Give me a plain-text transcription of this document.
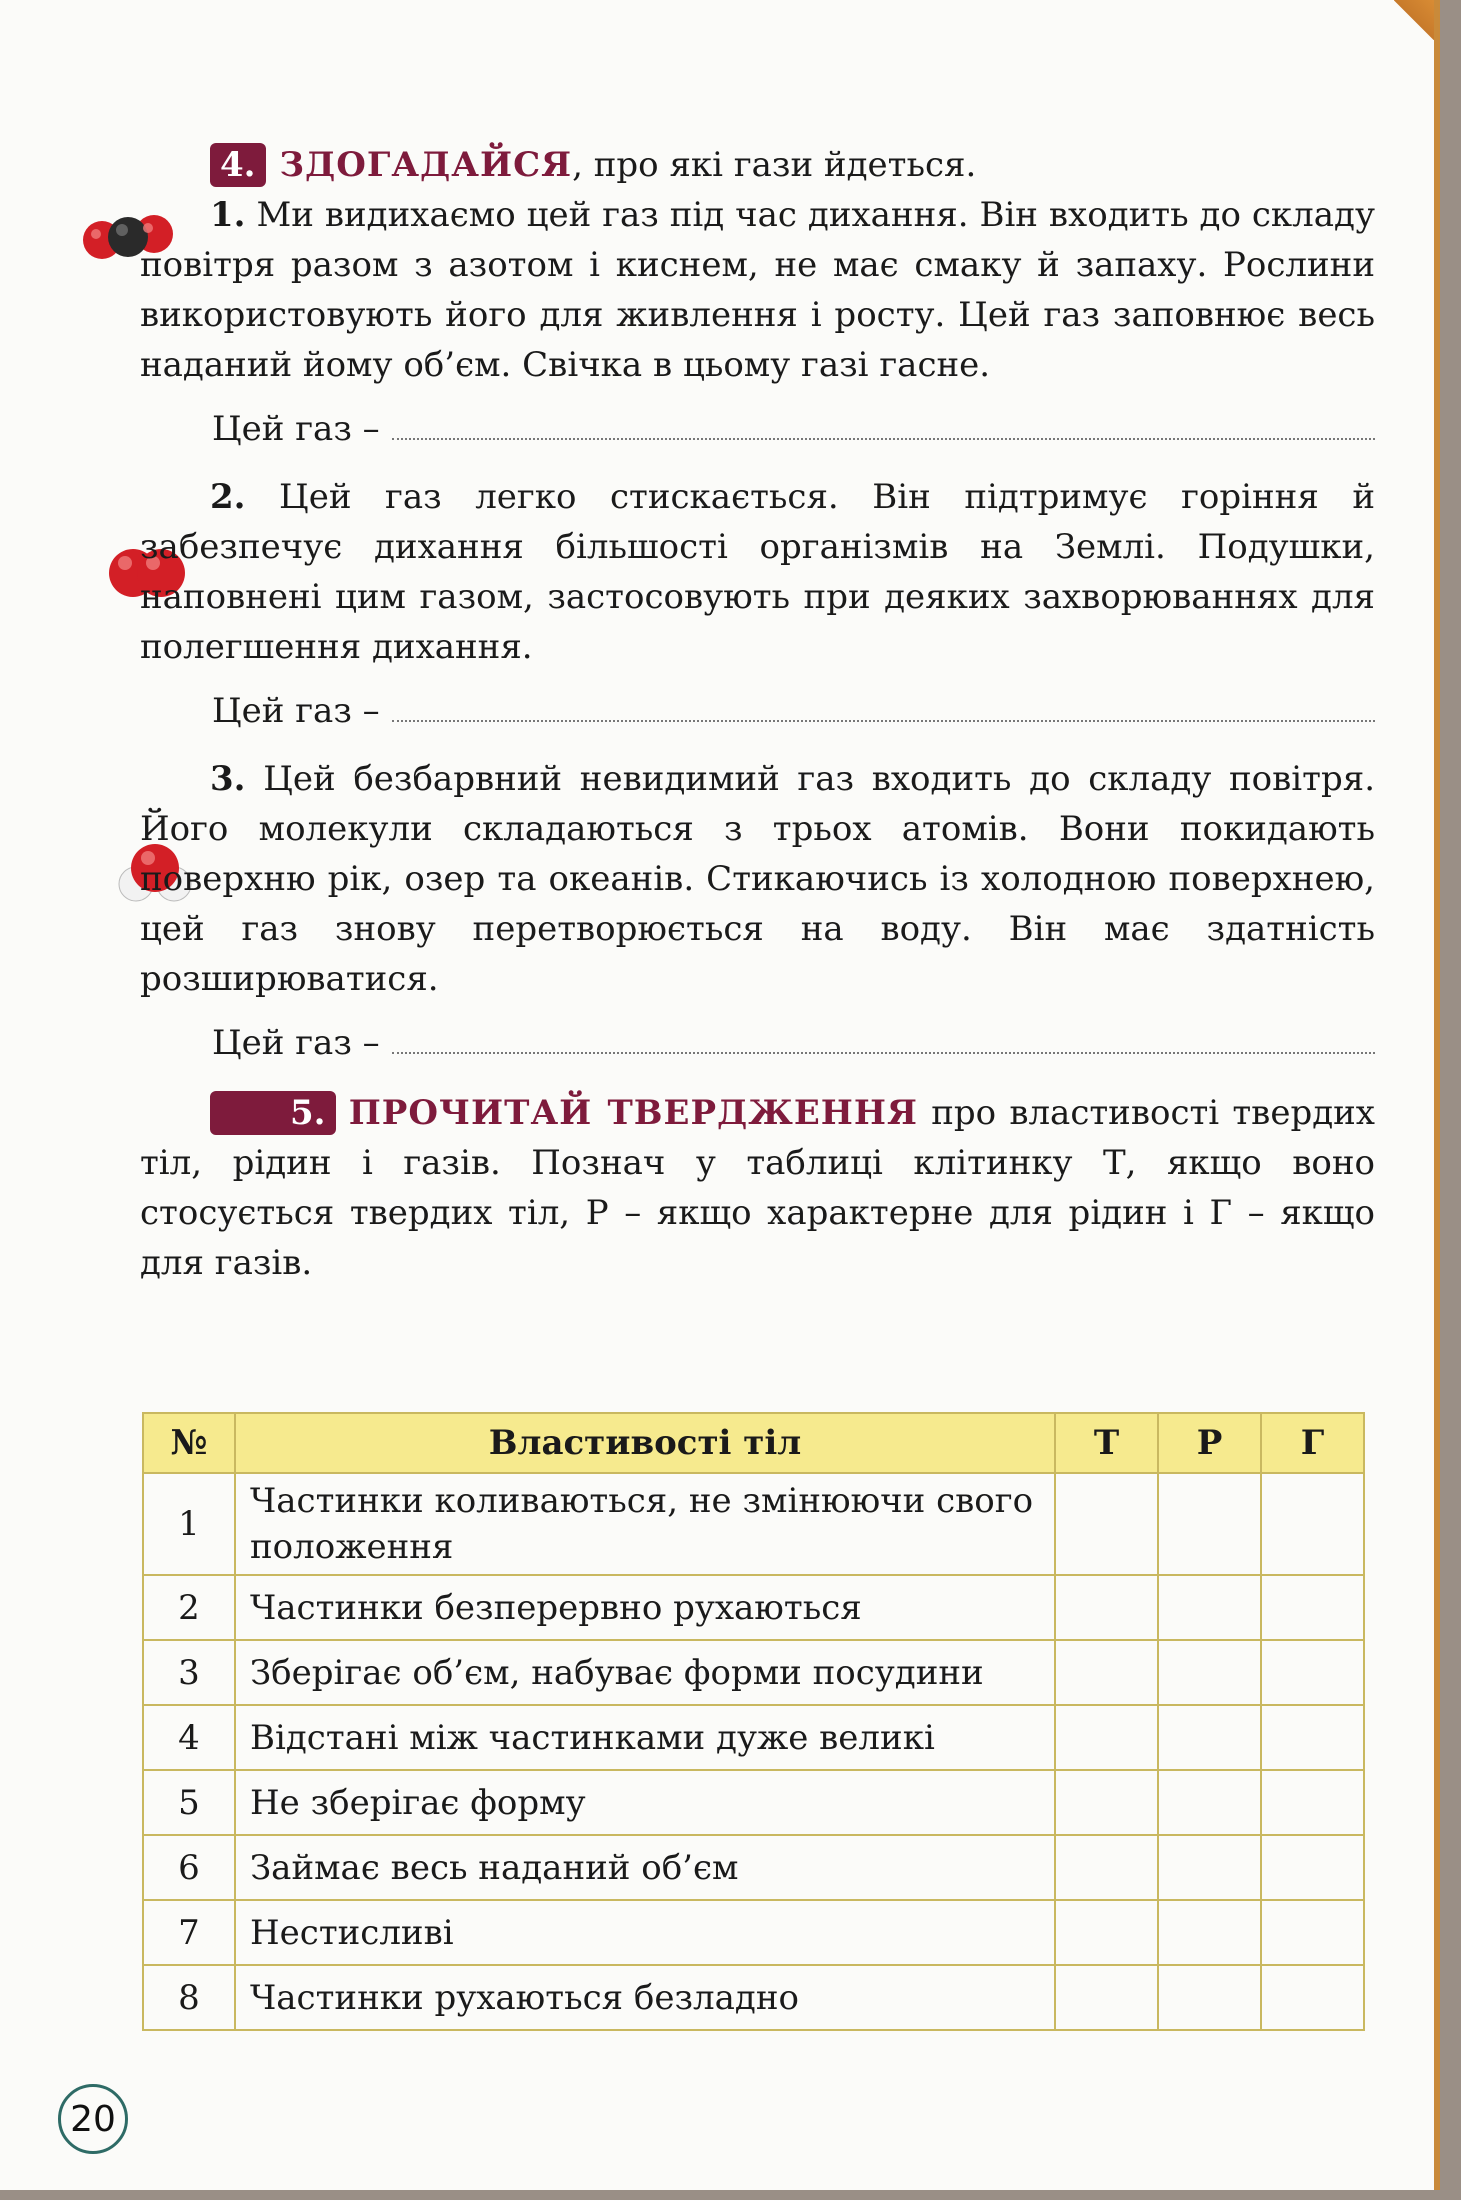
4. ЗДОГАДАЙСЯ, про які гази йдеться.

1. Ми видихаємо цей газ під час дихання. Він входить до складу повітря разом з азотом і киснем, не має смаку й запаху. Рослини використовують його для живлення і росту. Цей газ заповнює весь наданий йому об’єм. Свічка в цьому газі гасне.

Цей газ –

2. Цей газ легко стискається. Він підтримує горіння й забезпечує дихання більшості організмів на Землі. Подушки, наповнені цим газом, застосовують при деяких захворюваннях для полегшення дихання.

Цей газ –

3. Цей безбарвний невидимий газ входить до складу повітря. Його молекули складаються з трьох атомів. Вони покидають поверхню рік, озер та океанів. Стикаючись із холодною поверхнею, цей газ знову перетворюється на воду. Він має здатність розширюватися.

Цей газ –

5. ПРОЧИТАЙ ТВЕРДЖЕННЯ про властивості твердих тіл, рідин і газів. Познач у таблиці клітинку Т, якщо воно стосується твердих тіл, Р – якщо характерне для рідин і Г – якщо для газів.

№	Властивості тіл	Т	Р	Г
1	Частинки коливаються, не змінюючи свого положення			
2	Частинки безперервно рухаються			
3	Зберігає об’єм, набуває форми посудини			
4	Відстані між частинками дуже великі			
5	Не зберігає форму			
6	Займає весь наданий об’єм			
7	Нестисливі			
8	Частинки рухаються безладно			
20
